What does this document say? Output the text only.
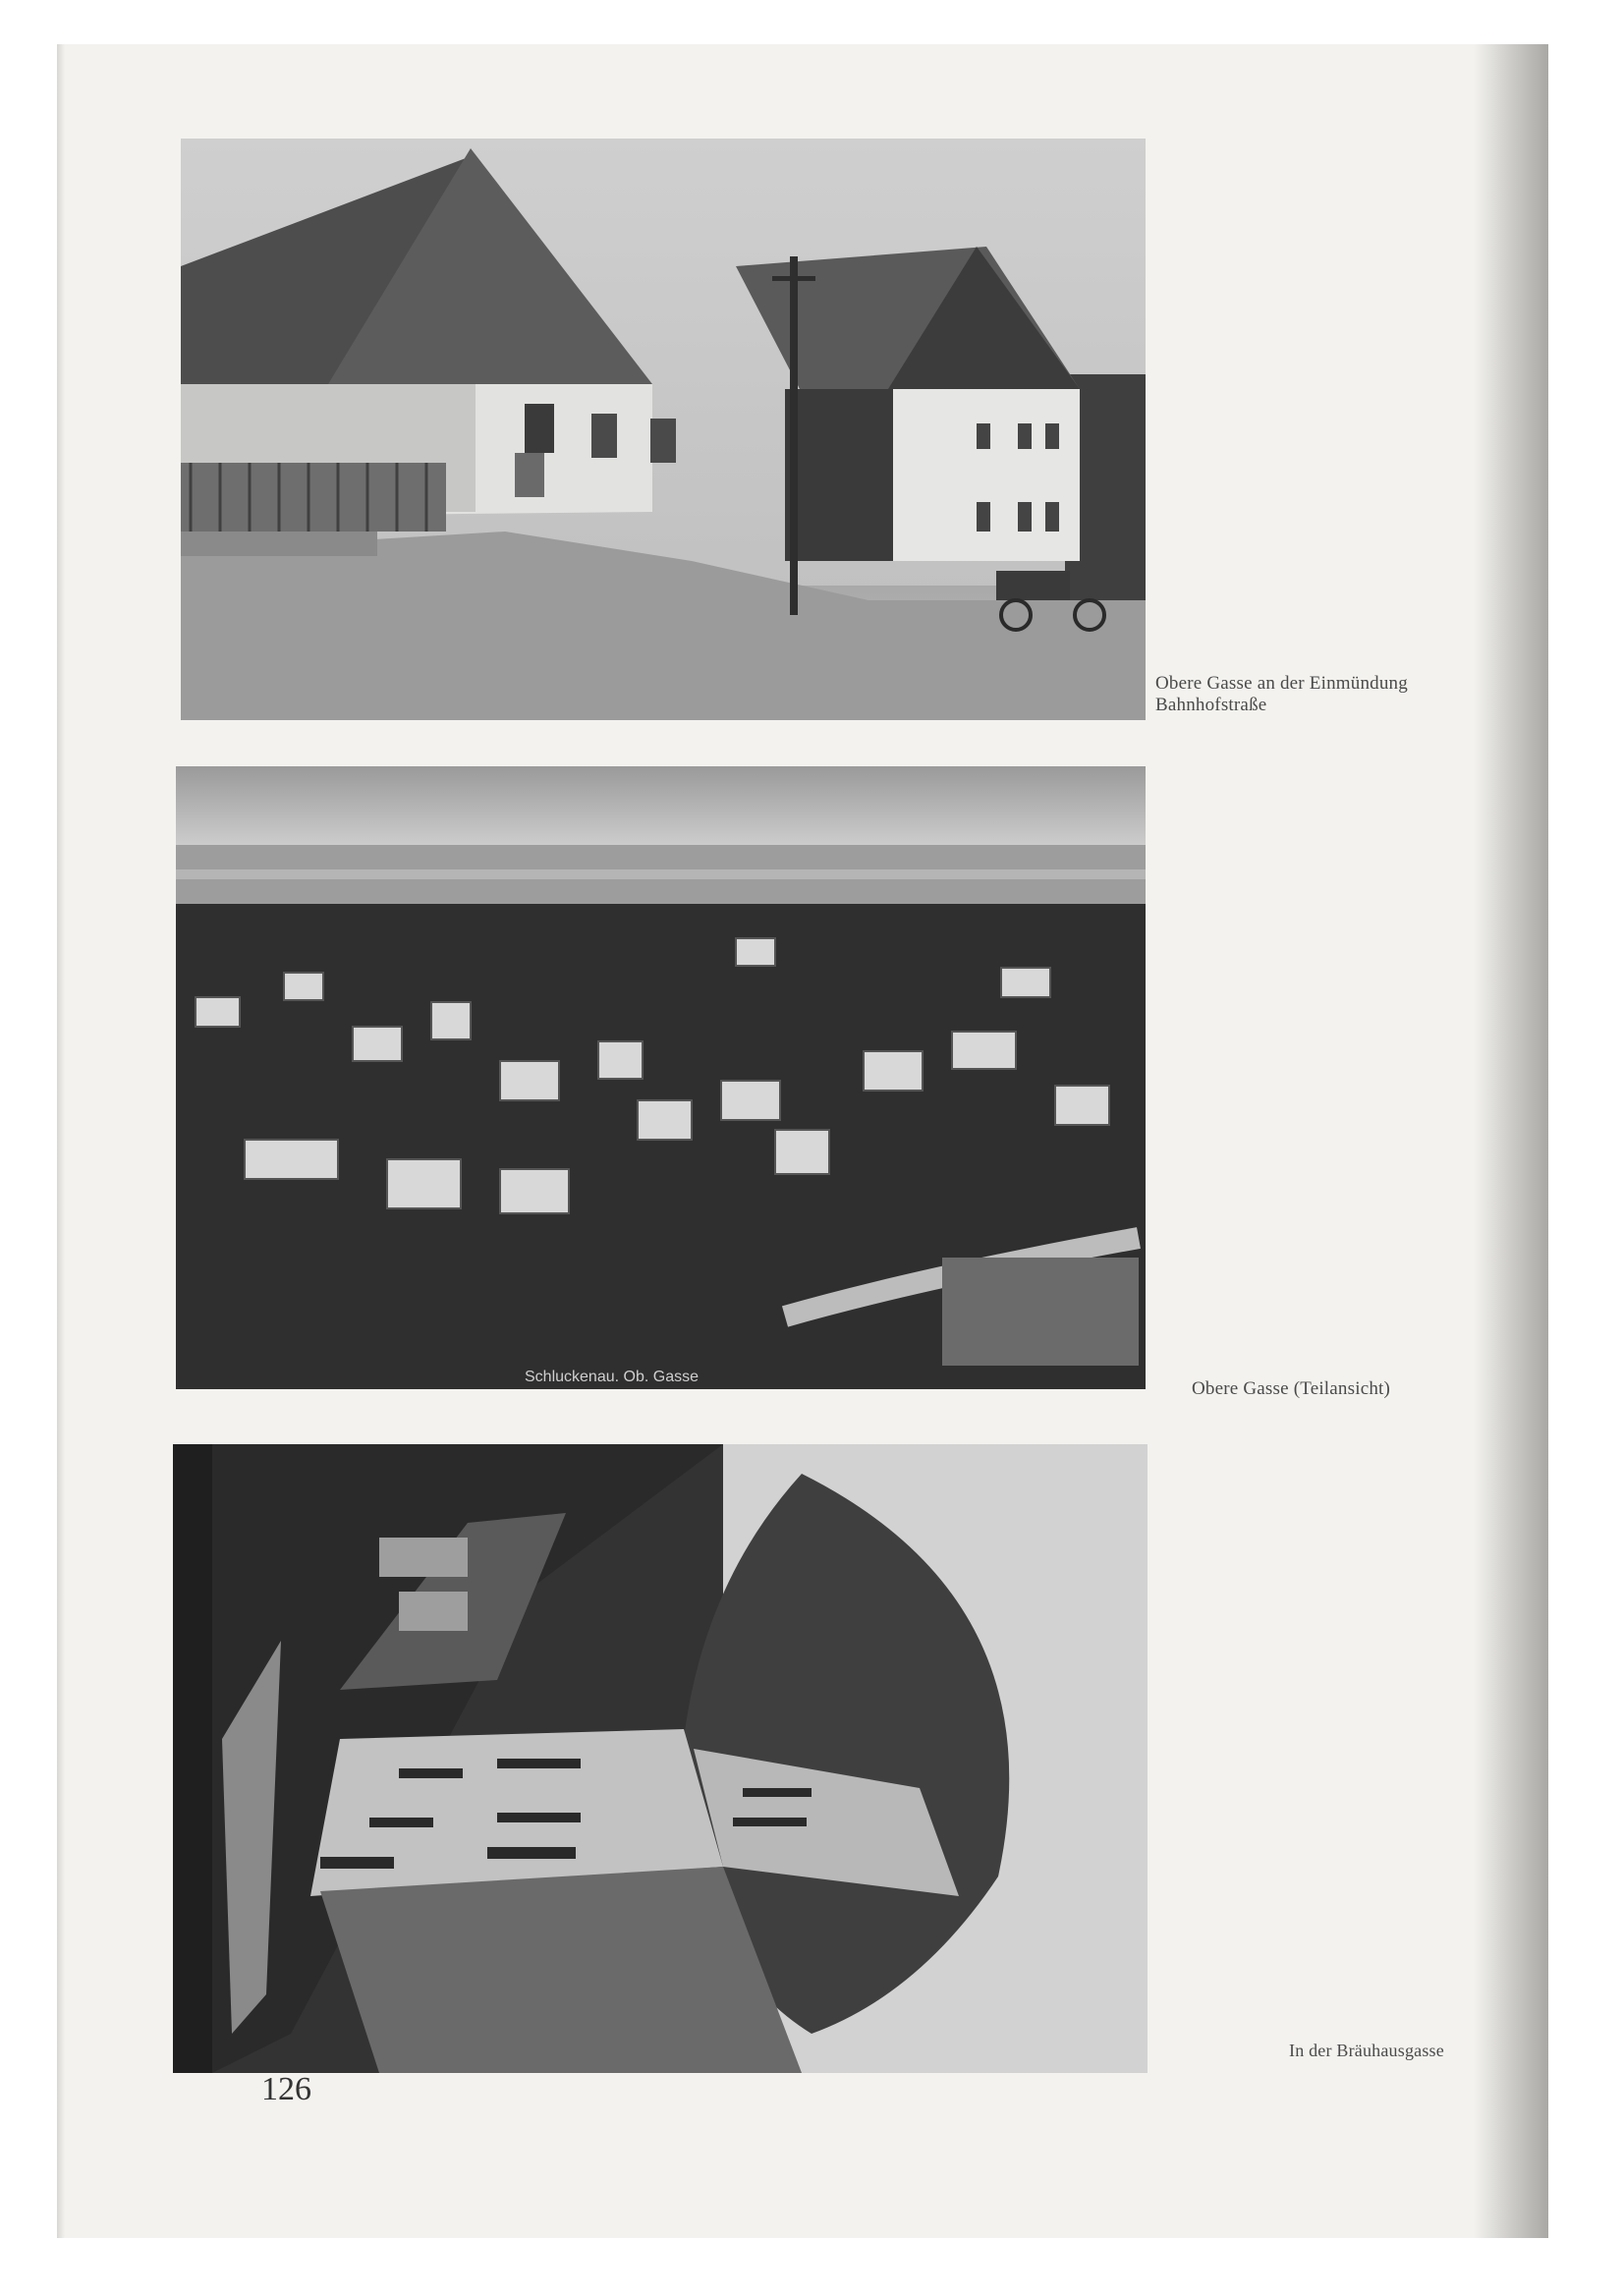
Obere Gasse an der Einmündung
Bahnhofstraße
Schluckenau. Ob. Gasse
Obere Gasse (Teilansicht)
In der Bräuhausgasse
126
